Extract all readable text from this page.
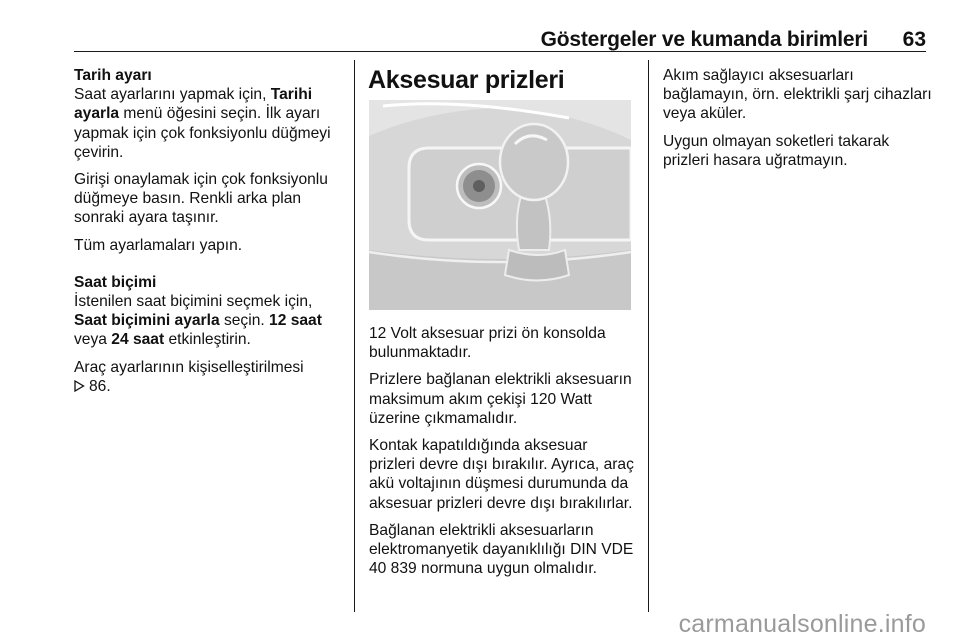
Göstergeler ve kumanda birimleri 63
Tarih ayarı

Saat ayarlarını yapmak için, Tarihi ayarla menü öğesini seçin. İlk ayarı yapmak için çok fonksiyonlu düğmeyi çevirin.

Girişi onaylamak için çok fonksiyonlu düğmeye basın. Renkli arka plan sonraki ayara taşınır.

Tüm ayarlamaları yapın.

Saat biçimi

İstenilen saat biçimini seçmek için, Saat biçimini ayarla seçin. 12 saat veya 24 saat etkinleştirin.

Araç ayarlarının kişiselleştirilmesi
86.

Aksesuar prizleri

12 Volt aksesuar prizi ön konsolda bulunmaktadır.

Prizlere bağlanan elektrikli aksesuarın maksimum akım çekişi 120 Watt üzerine çıkmamalıdır.

Kontak kapatıldığında aksesuar prizleri devre dışı bırakılır. Ayrıca, araç akü voltajının düşmesi durumunda da aksesuar prizleri devre dışı bırakılırlar.

Bağlanan elektrikli aksesuarların elektromanyetik dayanıklılığı DIN VDE 40 839 normuna uygun olmalıdır.

Akım sağlayıcı aksesuarları bağlamayın, örn. elektrikli şarj cihazları veya aküler.

Uygun olmayan soketleri takarak prizleri hasara uğratmayın.

carmanualsonline.info
